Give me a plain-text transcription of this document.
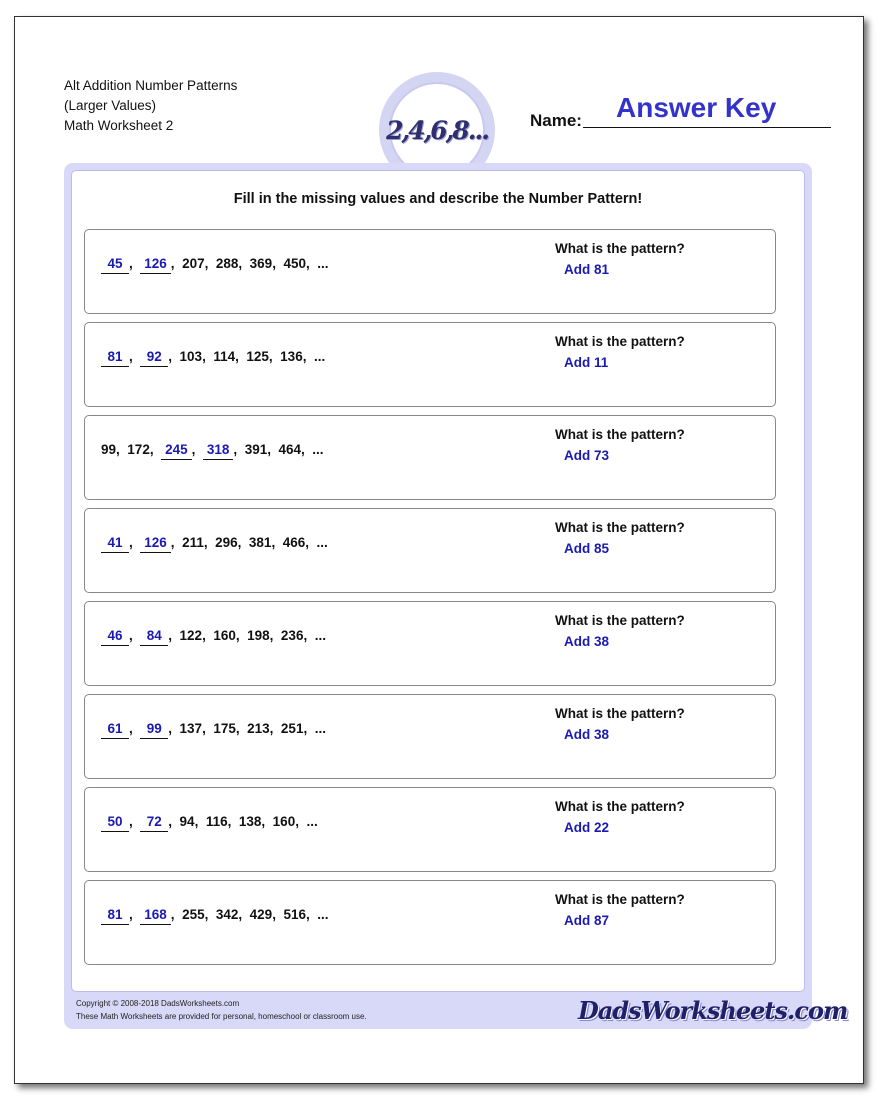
Alt Addition Number Patterns
(Larger Values)
Math Worksheet 2	2,4,6,8... Name: Answer Key
Fill in the missing values and describe the Number Pattern!
45 , 126 , 207 , 288 , 369 , 450 , ...
What is the pattern?
Add 81
81 , 92 , 103 , 114 , 125 , 136 , ...
What is the pattern?
Add 11
99 , 172 , 245 , 318 , 391 , 464 , ...
What is the pattern?
Add 73
41 , 126 , 211 , 296 , 381 , 466 , ...
What is the pattern?
Add 85
46 , 84 , 122 , 160 , 198 , 236 , ...
What is the pattern?
Add 38
61 , 99 , 137 , 175 , 213 , 251 , ...
What is the pattern?
Add 38
50 , 72 , 94 , 116 , 138 , 160 , ...
What is the pattern?
Add 22
81 , 168 , 255 , 342 , 429 , 516 , ...
What is the pattern?
Add 87
Copyright © 2008-2018 DadsWorksheets.com
These Math Worksheets are provided for personal, homeschool or classroom use.	DadsWorksheets.com
